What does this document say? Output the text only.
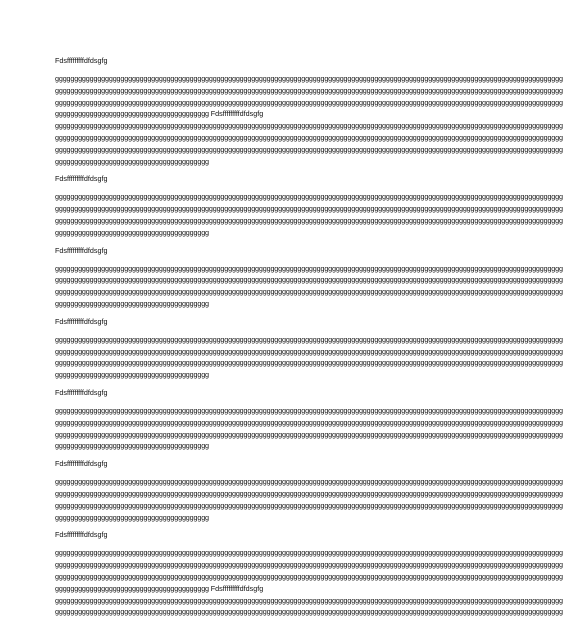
Fdsfffffffffdfdsgfg
gggggggggggggggggggggggggggggggggggggggggggggggggggggggggggggggggggggggggggggggggggggggggggggggggggggggggggggggggggggggggggggggggggg
gggggggggggggggggggggggggggggggggggggggggggggggggggggggggggggggggggggggggggggggggggggggggggggggggggggggggggggggggggggggggggggggggggg
gggggggggggggggggggggggggggggggggggggggggggggggggggggggggggggggggggggggggggggggggggggggggggggggggggggggggggggggggggggggggggggggggggg
gggggggggggggggggggggggggggggggggggggggg Fdsfffffffffdfdsgfg
gggggggggggggggggggggggggggggggggggggggggggggggggggggggggggggggggggggggggggggggggggggggggggggggggggggggggggggggggggggggggggggggggggg
gggggggggggggggggggggggggggggggggggggggggggggggggggggggggggggggggggggggggggggggggggggggggggggggggggggggggggggggggggggggggggggggggggg
gggggggggggggggggggggggggggggggggggggggggggggggggggggggggggggggggggggggggggggggggggggggggggggggggggggggggggggggggggggggggggggggggggg
gggggggggggggggggggggggggggggggggggggggg
Fdsfffffffffdfdsgfg
gggggggggggggggggggggggggggggggggggggggggggggggggggggggggggggggggggggggggggggggggggggggggggggggggggggggggggggggggggggggggggggggggggg
gggggggggggggggggggggggggggggggggggggggggggggggggggggggggggggggggggggggggggggggggggggggggggggggggggggggggggggggggggggggggggggggggggg
gggggggggggggggggggggggggggggggggggggggggggggggggggggggggggggggggggggggggggggggggggggggggggggggggggggggggggggggggggggggggggggggggggg
gggggggggggggggggggggggggggggggggggggggg
Fdsfffffffffdfdsgfg
gggggggggggggggggggggggggggggggggggggggggggggggggggggggggggggggggggggggggggggggggggggggggggggggggggggggggggggggggggggggggggggggggggg
gggggggggggggggggggggggggggggggggggggggggggggggggggggggggggggggggggggggggggggggggggggggggggggggggggggggggggggggggggggggggggggggggggg
gggggggggggggggggggggggggggggggggggggggggggggggggggggggggggggggggggggggggggggggggggggggggggggggggggggggggggggggggggggggggggggggggggg
gggggggggggggggggggggggggggggggggggggggg
Fdsfffffffffdfdsgfg
gggggggggggggggggggggggggggggggggggggggggggggggggggggggggggggggggggggggggggggggggggggggggggggggggggggggggggggggggggggggggggggggggggg
gggggggggggggggggggggggggggggggggggggggggggggggggggggggggggggggggggggggggggggggggggggggggggggggggggggggggggggggggggggggggggggggggggg
gggggggggggggggggggggggggggggggggggggggggggggggggggggggggggggggggggggggggggggggggggggggggggggggggggggggggggggggggggggggggggggggggggg
gggggggggggggggggggggggggggggggggggggggg
Fdsfffffffffdfdsgfg
gggggggggggggggggggggggggggggggggggggggggggggggggggggggggggggggggggggggggggggggggggggggggggggggggggggggggggggggggggggggggggggggggggg
gggggggggggggggggggggggggggggggggggggggggggggggggggggggggggggggggggggggggggggggggggggggggggggggggggggggggggggggggggggggggggggggggggg
gggggggggggggggggggggggggggggggggggggggggggggggggggggggggggggggggggggggggggggggggggggggggggggggggggggggggggggggggggggggggggggggggggg
gggggggggggggggggggggggggggggggggggggggg
Fdsfffffffffdfdsgfg
gggggggggggggggggggggggggggggggggggggggggggggggggggggggggggggggggggggggggggggggggggggggggggggggggggggggggggggggggggggggggggggggggggg
gggggggggggggggggggggggggggggggggggggggggggggggggggggggggggggggggggggggggggggggggggggggggggggggggggggggggggggggggggggggggggggggggggg
gggggggggggggggggggggggggggggggggggggggggggggggggggggggggggggggggggggggggggggggggggggggggggggggggggggggggggggggggggggggggggggggggggg
gggggggggggggggggggggggggggggggggggggggg
Fdsfffffffffdfdsgfg
gggggggggggggggggggggggggggggggggggggggggggggggggggggggggggggggggggggggggggggggggggggggggggggggggggggggggggggggggggggggggggggggggggg
gggggggggggggggggggggggggggggggggggggggggggggggggggggggggggggggggggggggggggggggggggggggggggggggggggggggggggggggggggggggggggggggggggg
gggggggggggggggggggggggggggggggggggggggggggggggggggggggggggggggggggggggggggggggggggggggggggggggggggggggggggggggggggggggggggggggggggg
gggggggggggggggggggggggggggggggggggggggg Fdsfffffffffdfdsgfg
gggggggggggggggggggggggggggggggggggggggggggggggggggggggggggggggggggggggggggggggggggggggggggggggggggggggggggggggggggggggggggggggggggg
gggggggggggggggggggggggggggggggggggggggggggggggggggggggggggggggggggggggggggggggggggggggggggggggggggggggggggggggggggggggggggggggggggg
